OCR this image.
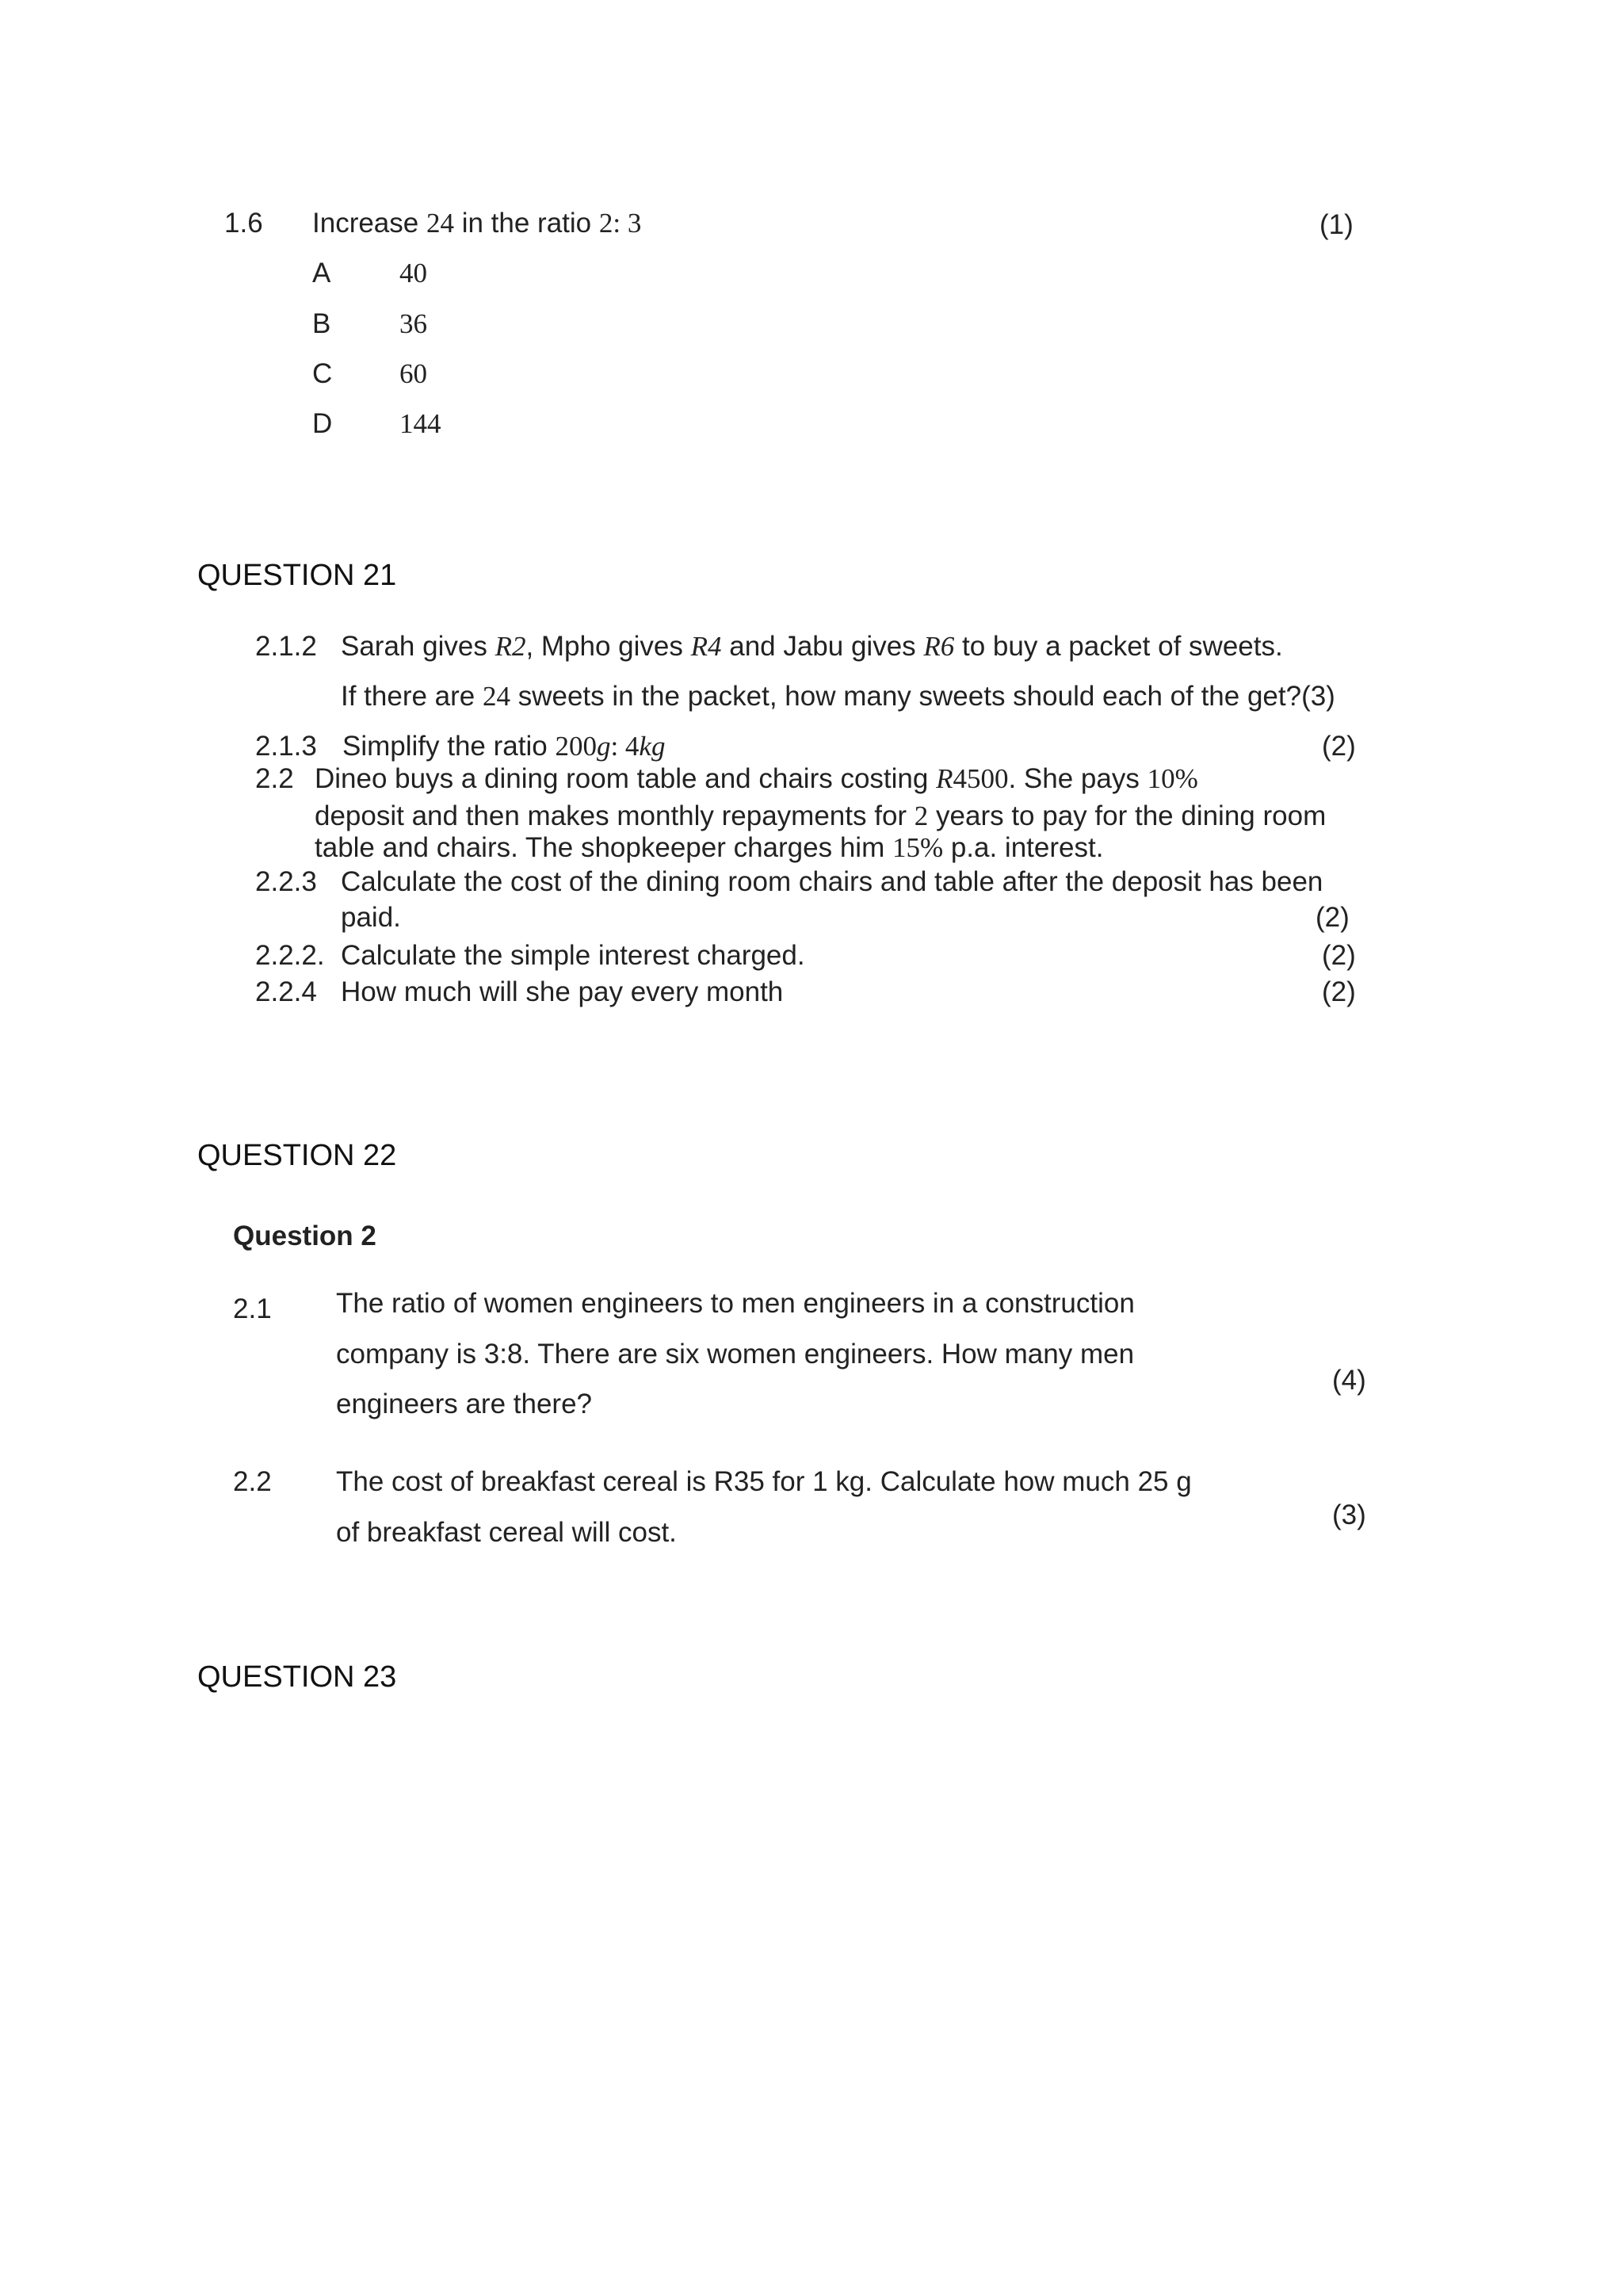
1.6 Increase 24 in the ratio 2: 3	(1)
A 40
B 36
C 60
D 144
QUESTION 21
2.1.2 Sarah gives R2, Mpho gives R4 and Jabu gives R6 to buy a packet of sweets.
If there are 24 sweets in the packet, how many sweets should each of the get?(3)
2.1.3 Simplify the ratio 200g: 4kg	(2)
2.2 Dineo buys a dining room table and chairs costing R4500. She pays 10%
deposit and then makes monthly repayments for 2 years to pay for the dining room
table and chairs. The shopkeeper charges him 15% p.a. interest.
2.2.3 Calculate the cost of the dining room chairs and table after the deposit has been
paid.	(2)
2.2.2. Calculate the simple interest charged.	(2)
2.2.4 How much will she pay every month	(2)
QUESTION 22
Question 2
2.1 The ratio of women engineers to men engineers in a construction
company is 3:8. There are six women engineers. How many men
engineers are there?
(4)
2.2 The cost of breakfast cereal is R35 for 1 kg. Calculate how much 25 g
of breakfast cereal will cost.
(3)
QUESTION 23
